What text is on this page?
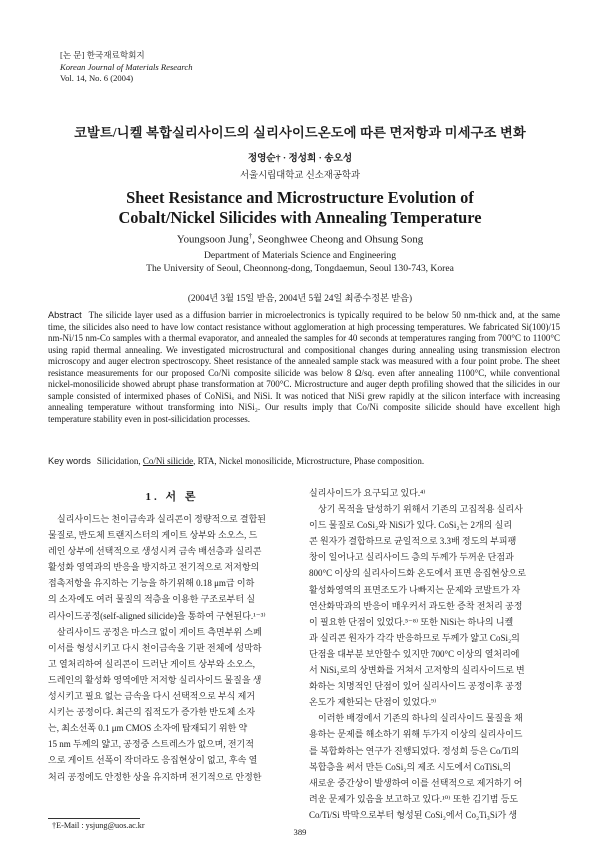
[논 문] 한국재료학회지
Korean Journal of Materials Research
Vol. 14, No. 6 (2004)
코발트/니켈 복합실리사이드의 실리사이드온도에 따른 면저항과 미세구조 변화
정영순† · 정성희 · 송오성
서울시립대학교 신소재공학과
Sheet Resistance and Microstructure Evolution of
Cobalt/Nickel Silicides with Annealing Temperature
Youngsoon Jung†, Seonghwee Cheong and Ohsung Song
Department of Materials Science and Engineering
The University of Seoul, Cheonnong-dong, Tongdaemun, Seoul 130-743, Korea
(2004년 3월 15일 받음, 2004년 5월 24일 최종수정본 받음)
Abstract The silicide layer used as a diffusion barrier in microelectronics is typically required to be below 50 nm-thick and, at the same time, the silicides also need to have low contact resistance without agglomeration at high processing temperatures. We fabricated Si(100)/15 nm-Ni/15 nm-Co samples with a thermal evaporator, and annealed the samples for 40 seconds at temperatures ranging from 700°C to 1100°C using rapid thermal annealing. We investigated microstructural and compositional changes during annealing using transmission electron microscopy and auger electron spectroscopy. Sheet resistance of the annealed sample stack was measured with a four point probe. The sheet resistance measurements for our proposed Co/Ni composite silicide was below 8 Ω/sq. even after annealing 1100°C, while conventional nickel-monosilicide showed abrupt phase transformation at 700°C. Microstructure and auger depth profiling showed that the silicides in our sample consisted of intermixed phases of CoNiSiₓ and NiSi. It was noticed that NiSi grew rapidly at the silicon interface with increasing annealing temperature without transforming into NiSi₂. Our results imply that Co/Ni composite silicide should have excellent high temperature stability even in post-silicidation processes.
Key words Silicidation, Co/Ni silicide, RTA, Nickel monosilicide, Microstructure, Phase composition.
1. 서 론
실리사이드는 천이금속과 실리콘이 정량적으로 결합된
물질로, 반도체 트랜지스터의 게이트 상부와 소오스, 드
레인 상부에 선택적으로 생성시켜 금속 배선층과 실리콘
활성화 영역과의 반응을 방지하고 전기적으로 저저항의
접촉저항을 유지하는 기능을 하기위해 0.18 μm급 이하
의 소자에도 여러 물질의 적층을 이용한 구조로부터 실
리사이드공정(self-aligned silicide)을 통하여 구현된다.¹⁻³⁾
살리사이드 공정은 마스크 없이 게이트 측면부위 스페
이서를 형성시키고 다시 천이금속을 기판 전체에 성막하
고 열처리하여 실리콘이 드러난 게이트 상부와 소오스,
드레인의 활성화 영역에만 저저항 실리사이드 물질을 생
성시키고 필요 없는 금속을 다시 선택적으로 부식 제거
시키는 공정이다. 최근의 집적도가 증가한 반도체 소자
는, 최소선폭 0.1 μm CMOS 소자에 탑재되기 위한 약
15 nm 두께의 얇고, 공정중 스트레스가 없으며, 전기적
으로 게이트 선폭이 작더라도 응집현상이 없고, 후속 열
처리 공정에도 안정한 상을 유지하며 전기적으로 안정한
실리사이드가 요구되고 있다.⁴⁾
상기 목적을 달성하기 위해서 기존의 고집적용 실리사
이드 물질로 CoSi₂와 NiSi가 있다. CoSi₂는 2개의 실리
콘 원자가 결합하므로 균일적으로 3.3배 정도의 부피팽
창이 일어나고 실리사이드 층의 두께가 두꺼운 단점과
800°C 이상의 실리사이드화 온도에서 표면 응집현상으로
활성화영역의 표면조도가 나빠지는 문제와 코발트가 자
연산화막과의 반응이 매우커서 과도한 증착 전처리 공정
이 필요한 단점이 있었다.⁵⁻⁸⁾ 또한 NiSi는 하나의 니켈
과 실리콘 원자가 각각 반응하므로 두께가 얇고 CoSi₂의
단점을 대부분 보안할수 있지만 700°C 이상의 열처리에
서 NiSi₂로의 상변화를 거쳐서 고저항의 실리사이드로 변
화하는 치명적인 단점이 있어 실리사이드 공정이후 공정
온도가 제한되는 단점이 있었다.⁹⁾
이러한 배경에서 기존의 하나의 실리사이드 물질을 채
용하는 문제를 해소하기 위해 두가지 이상의 실리사이드
를 복합화하는 연구가 진행되었다. 정성희 등은 Co/Ti의
복합층을 써서 만든 CoSi₂의 제조 시도에서 CoTiSiₓ의
새로운 중간상이 발생하여 이를 선택적으로 제거하기 어
려운 문제가 있음을 보고하고 있다.¹⁰⁾ 또한 김기범 등도
Co/Ti/Si 박막으로부터 형성된 CoSi₂에서 Co₂Ti₃Si가 생
†E-Mail : ysjung@uos.ac.kr
389
